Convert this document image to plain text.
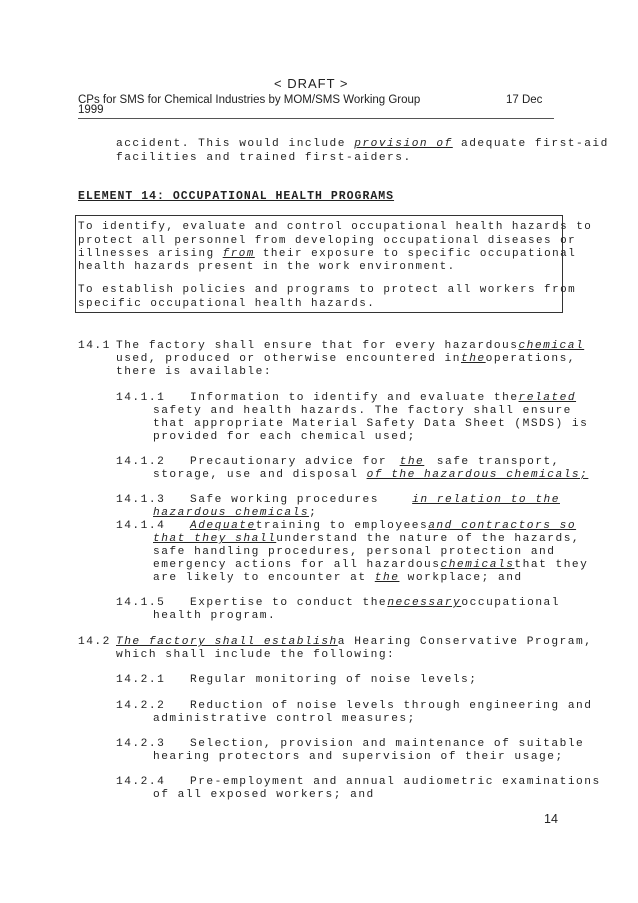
< DRAFT >
CPs for SMS for Chemical Industries by MOM/SMS Working Group	17 Dec
1999
accident. This would include provision of adequate first-aid
facilities and trained first-aiders.
ELEMENT 14: OCCUPATIONAL HEALTH PROGRAMS
To identify, evaluate and control occupational health hazards to
protect all personnel from developing occupational diseases or
illnesses arising from their exposure to specific occupational
health hazards present in the work environment.
To establish policies and programs to protect all workers from
specific occupational health hazards.
14.1 The factory shall ensure that for every hazardous chemical
used, produced or otherwise encountered in the operations,
there is available:
14.1.1 Information to identify and evaluate the related
safety and health hazards. The factory shall ensure
that appropriate Material Safety Data Sheet (MSDS) is
provided for each chemical used;
14.1.2 Precautionary advice for the safe transport,
storage, use and disposal of the hazardous chemicals;
14.1.3 Safe working procedures	in relation to the
hazardous chemicals;
14.1.4 Adequate training to employees and contractors so
that they shall understand the nature of the hazards,
safe handling procedures, personal protection and
emergency actions for all hazardous chemicals that they
are likely to encounter at the workplace; and
14.1.5 Expertise to conduct the necessary occupational
health program.
14.2 The factory shall establish a Hearing Conservative Program,
which shall include the following:
14.2.1 Regular monitoring of noise levels;
14.2.2 Reduction of noise levels through engineering and
administrative control measures;
14.2.3 Selection, provision and maintenance of suitable
hearing protectors and supervision of their usage;
14.2.4 Pre-employment and annual audiometric examinations
of all exposed workers; and
14
